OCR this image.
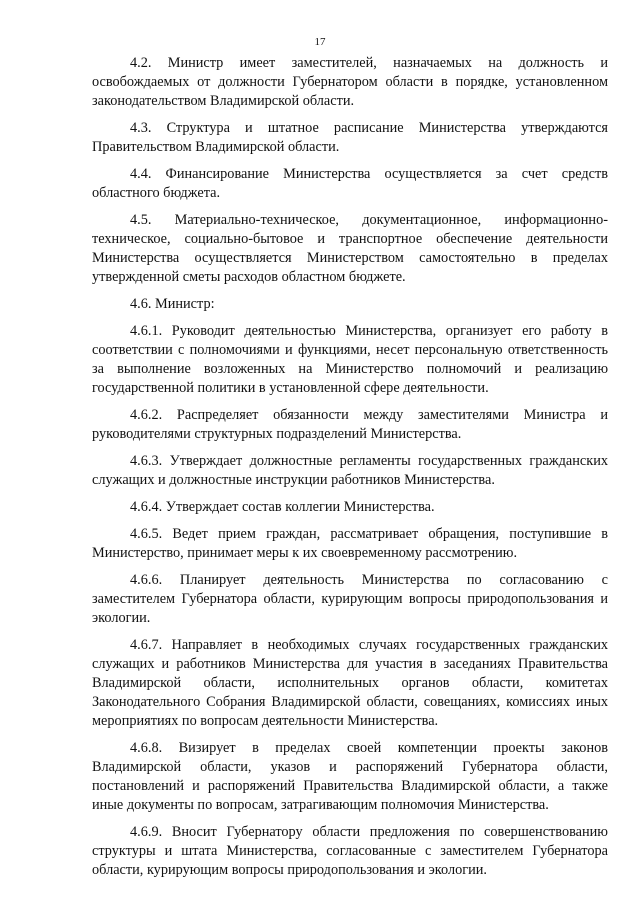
17

4.2. Министр имеет заместителей, назначаемых на должность и освобождаемых от должности Губернатором области в порядке, установленном законодательством Владимирской области.

4.3. Структура и штатное расписание Министерства утверждаются Правительством Владимирской области.

4.4. Финансирование Министерства осуществляется за счет средств областного бюджета.

4.5. Материально-техническое, документационное, информационно-техническое, социально-бытовое и транспортное обеспечение деятельности Министерства осуществляется Министерством самостоятельно в пределах утвержденной сметы расходов областном бюджете.

4.6. Министр:

4.6.1. Руководит деятельностью Министерства, организует его работу в соответствии с полномочиями и функциями, несет персональную ответственность за выполнение возложенных на Министерство полномочий и реализацию государственной политики в установленной сфере деятельности.

4.6.2. Распределяет обязанности между заместителями Министра и руководителями структурных подразделений Министерства.

4.6.3. Утверждает должностные регламенты государственных гражданских служащих и должностные инструкции работников Министерства.

4.6.4. Утверждает состав коллегии Министерства.

4.6.5. Ведет прием граждан, рассматривает обращения, поступившие в Министерство, принимает меры к их своевременному рассмотрению.

4.6.6. Планирует деятельность Министерства по согласованию с заместителем Губернатора области, курирующим вопросы природопользования и экологии.

4.6.7. Направляет в необходимых случаях государственных гражданских служащих и работников Министерства для участия в заседаниях Правительства Владимирской области, исполнительных органов области, комитетах Законодательного Собрания Владимирской области, совещаниях, комиссиях иных мероприятиях по вопросам деятельности Министерства.

4.6.8. Визирует в пределах своей компетенции проекты законов Владимирской области, указов и распоряжений Губернатора области, постановлений и распоряжений Правительства Владимирской области, а также иные документы по вопросам, затрагивающим полномочия Министерства.

4.6.9. Вносит Губернатору области предложения по совершенствованию структуры и штата Министерства, согласованные с заместителем Губернатора области, курирующим вопросы природопользования и экологии.
